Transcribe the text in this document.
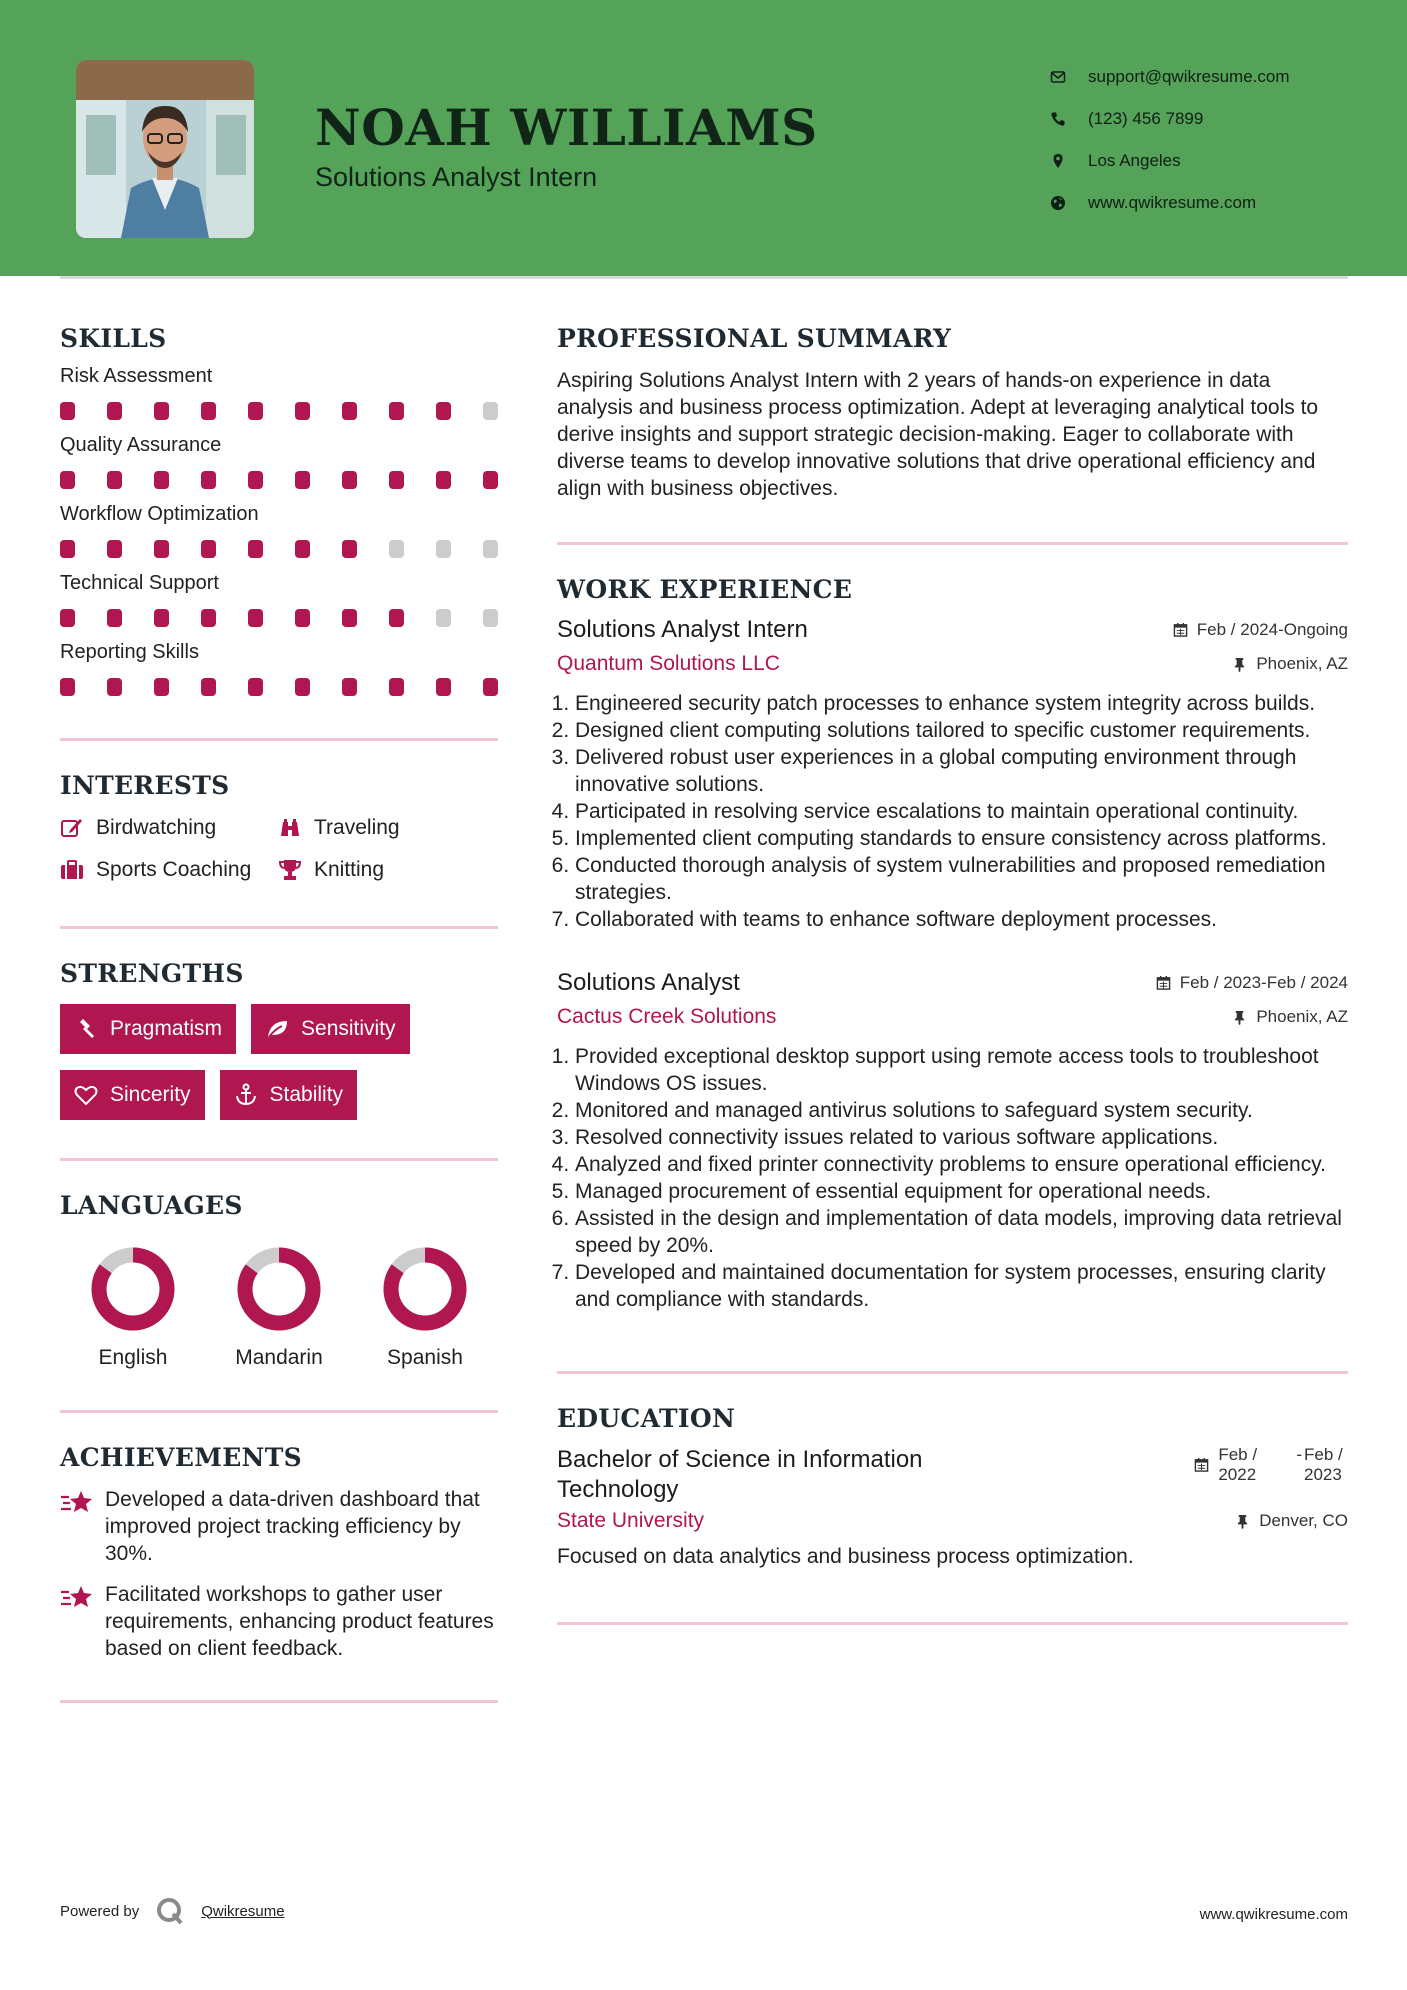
NOAH WILLIAMS
Solutions Analyst Intern
support@qwikresume.com
(123) 456 7899
Los Angeles
www.qwikresume.com
SKILLS
Risk Assessment
Quality Assurance
Workflow Optimization
Technical Support
Reporting Skills
INTERESTS
Birdwatching	Traveling
Sports Coaching	Knitting
STRENGTHS
Pragmatism	Sensitivity
Sincerity	Stability
LANGUAGES
English	Mandarin	Spanish
ACHIEVEMENTS
Developed a data-driven dashboard that improved project tracking efficiency by 30%.
Facilitated workshops to gather user requirements, enhancing product features based on client feedback.
PROFESSIONAL SUMMARY
Aspiring Solutions Analyst Intern with 2 years of hands-on experience in data analysis and business process optimization. Adept at leveraging analytical tools to derive insights and support strategic decision-making. Eager to collaborate with diverse teams to develop innovative solutions that drive operational efficiency and align with business objectives.
WORK EXPERIENCE
Solutions Analyst Intern	Feb / 2024-Ongoing
Quantum Solutions LLC	Phoenix, AZ
1. Engineered security patch processes to enhance system integrity across builds.
2. Designed client computing solutions tailored to specific customer requirements.
3. Delivered robust user experiences in a global computing environment through innovative solutions.
4. Participated in resolving service escalations to maintain operational continuity.
5. Implemented client computing standards to ensure consistency across platforms.
6. Conducted thorough analysis of system vulnerabilities and proposed remediation strategies.
7. Collaborated with teams to enhance software deployment processes.
Solutions Analyst	Feb / 2023-Feb / 2024
Cactus Creek Solutions	Phoenix, AZ
1. Provided exceptional desktop support using remote access tools to troubleshoot Windows OS issues.
2. Monitored and managed antivirus solutions to safeguard system security.
3. Resolved connectivity issues related to various software applications.
4. Analyzed and fixed printer connectivity problems to ensure operational efficiency.
5. Managed procurement of essential equipment for operational needs.
6. Assisted in the design and implementation of data models, improving data retrieval speed by 20%.
7. Developed and maintained documentation for system processes, ensuring clarity and compliance with standards.
EDUCATION
Bachelor of Science in Information Technology
Feb / 2022
- Feb / 2023
State University	Denver, CO
Focused on data analytics and business process optimization.
Powered by	Qwikresume	www.qwikresume.com
